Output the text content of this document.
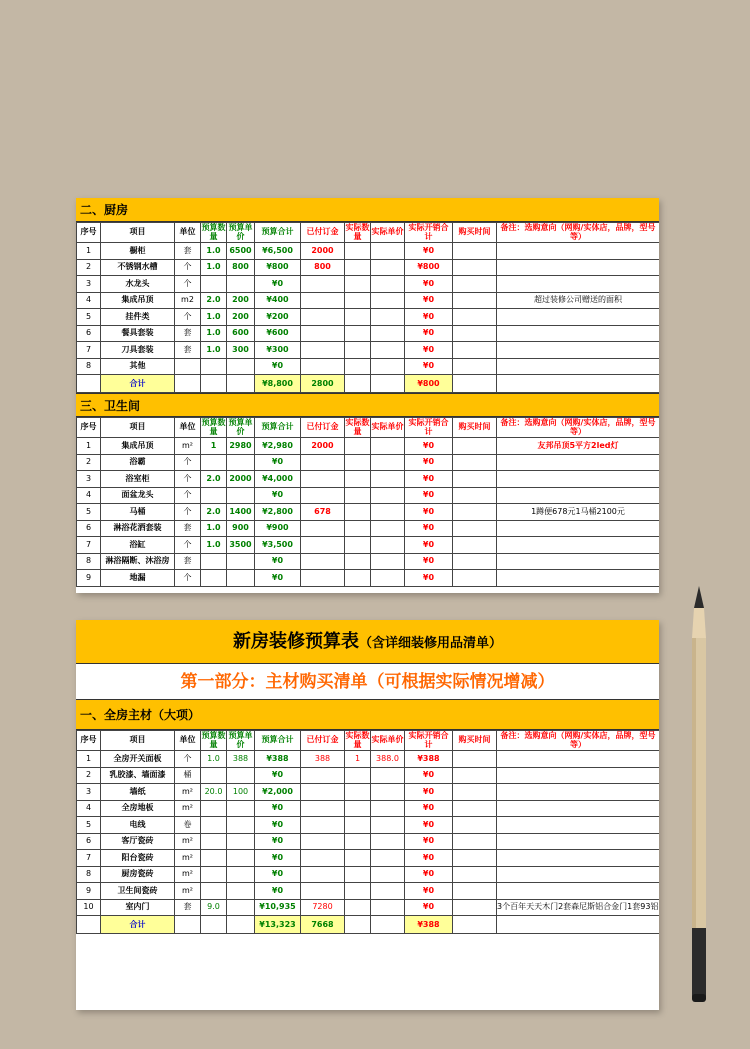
二、厨房
序号	项目	单位	预算数量	预算单价	预算合计	已付订金	实际数量	实际单价	实际开销合计	购买时间	备注：选购意向（网购/实体店，品牌，型号等）
1	橱柜	套	1.0	6500	¥6,500	2000			¥0		
2	不锈钢水槽	个	1.0	800	¥800	800			¥800		
3	水龙头	个			¥0				¥0		
4	集成吊顶	m2	2.0	200	¥400				¥0		超过装修公司赠送的面积
5	挂件类	个	1.0	200	¥200				¥0		
6	餐具套装	套	1.0	600	¥600				¥0		
7	刀具套装	套	1.0	300	¥300				¥0		
8	其他				¥0				¥0		
	合计				¥8,800	2800			¥800		
三、卫生间
序号	项目	单位	预算数量	预算单价	预算合计	已付订金	实际数量	实际单价	实际开销合计	购买时间	备注：选购意向（网购/实体店，品牌，型号等）
1	集成吊顶	m²	1	2980	¥2,980	2000			¥0		友邦吊顶5平方2led灯
2	浴霸	个			¥0				¥0		
3	浴室柜	个	2.0	2000	¥4,000				¥0		
4	面盆龙头	个			¥0				¥0		
5	马桶	个	2.0	1400	¥2,800	678			¥0		1蹲便678元1马桶2100元
6	淋浴花洒套装	套	1.0	900	¥900				¥0		
7	浴缸	个	1.0	3500	¥3,500				¥0		
8	淋浴隔断、沐浴房	套			¥0				¥0		
9	地漏	个			¥0				¥0		
新房装修预算表（含详细装修用品清单）
第一部分：主材购买清单（可根据实际情况增减）
一、全房主材（大项）
序号	项目	单位	预算数量	预算单价	预算合计	已付订金	实际数量	实际单价	实际开销合计	购买时间	备注：选购意向（网购/实体店，品牌，型号等）
1	全房开关面板	个	1.0	388	¥388	388	1	388.0	¥388		
2	乳胶漆、墙面漆	桶			¥0				¥0		
3	墙纸	m²	20.0	100	¥2,000				¥0		
4	全房地板	m²			¥0				¥0		
5	电线	卷			¥0				¥0		
6	客厅瓷砖	m²			¥0				¥0		
7	阳台瓷砖	m²			¥0				¥0		
8	厨房瓷砖	m²			¥0				¥0		
9	卫生间瓷砖	m²			¥0				¥0		
10	室内门	套	9.0		¥10,935	7280			¥0		3个百年天天木门2套森尼斯铝合金门1套93铝
	合计				¥13,323	7668			¥388		
